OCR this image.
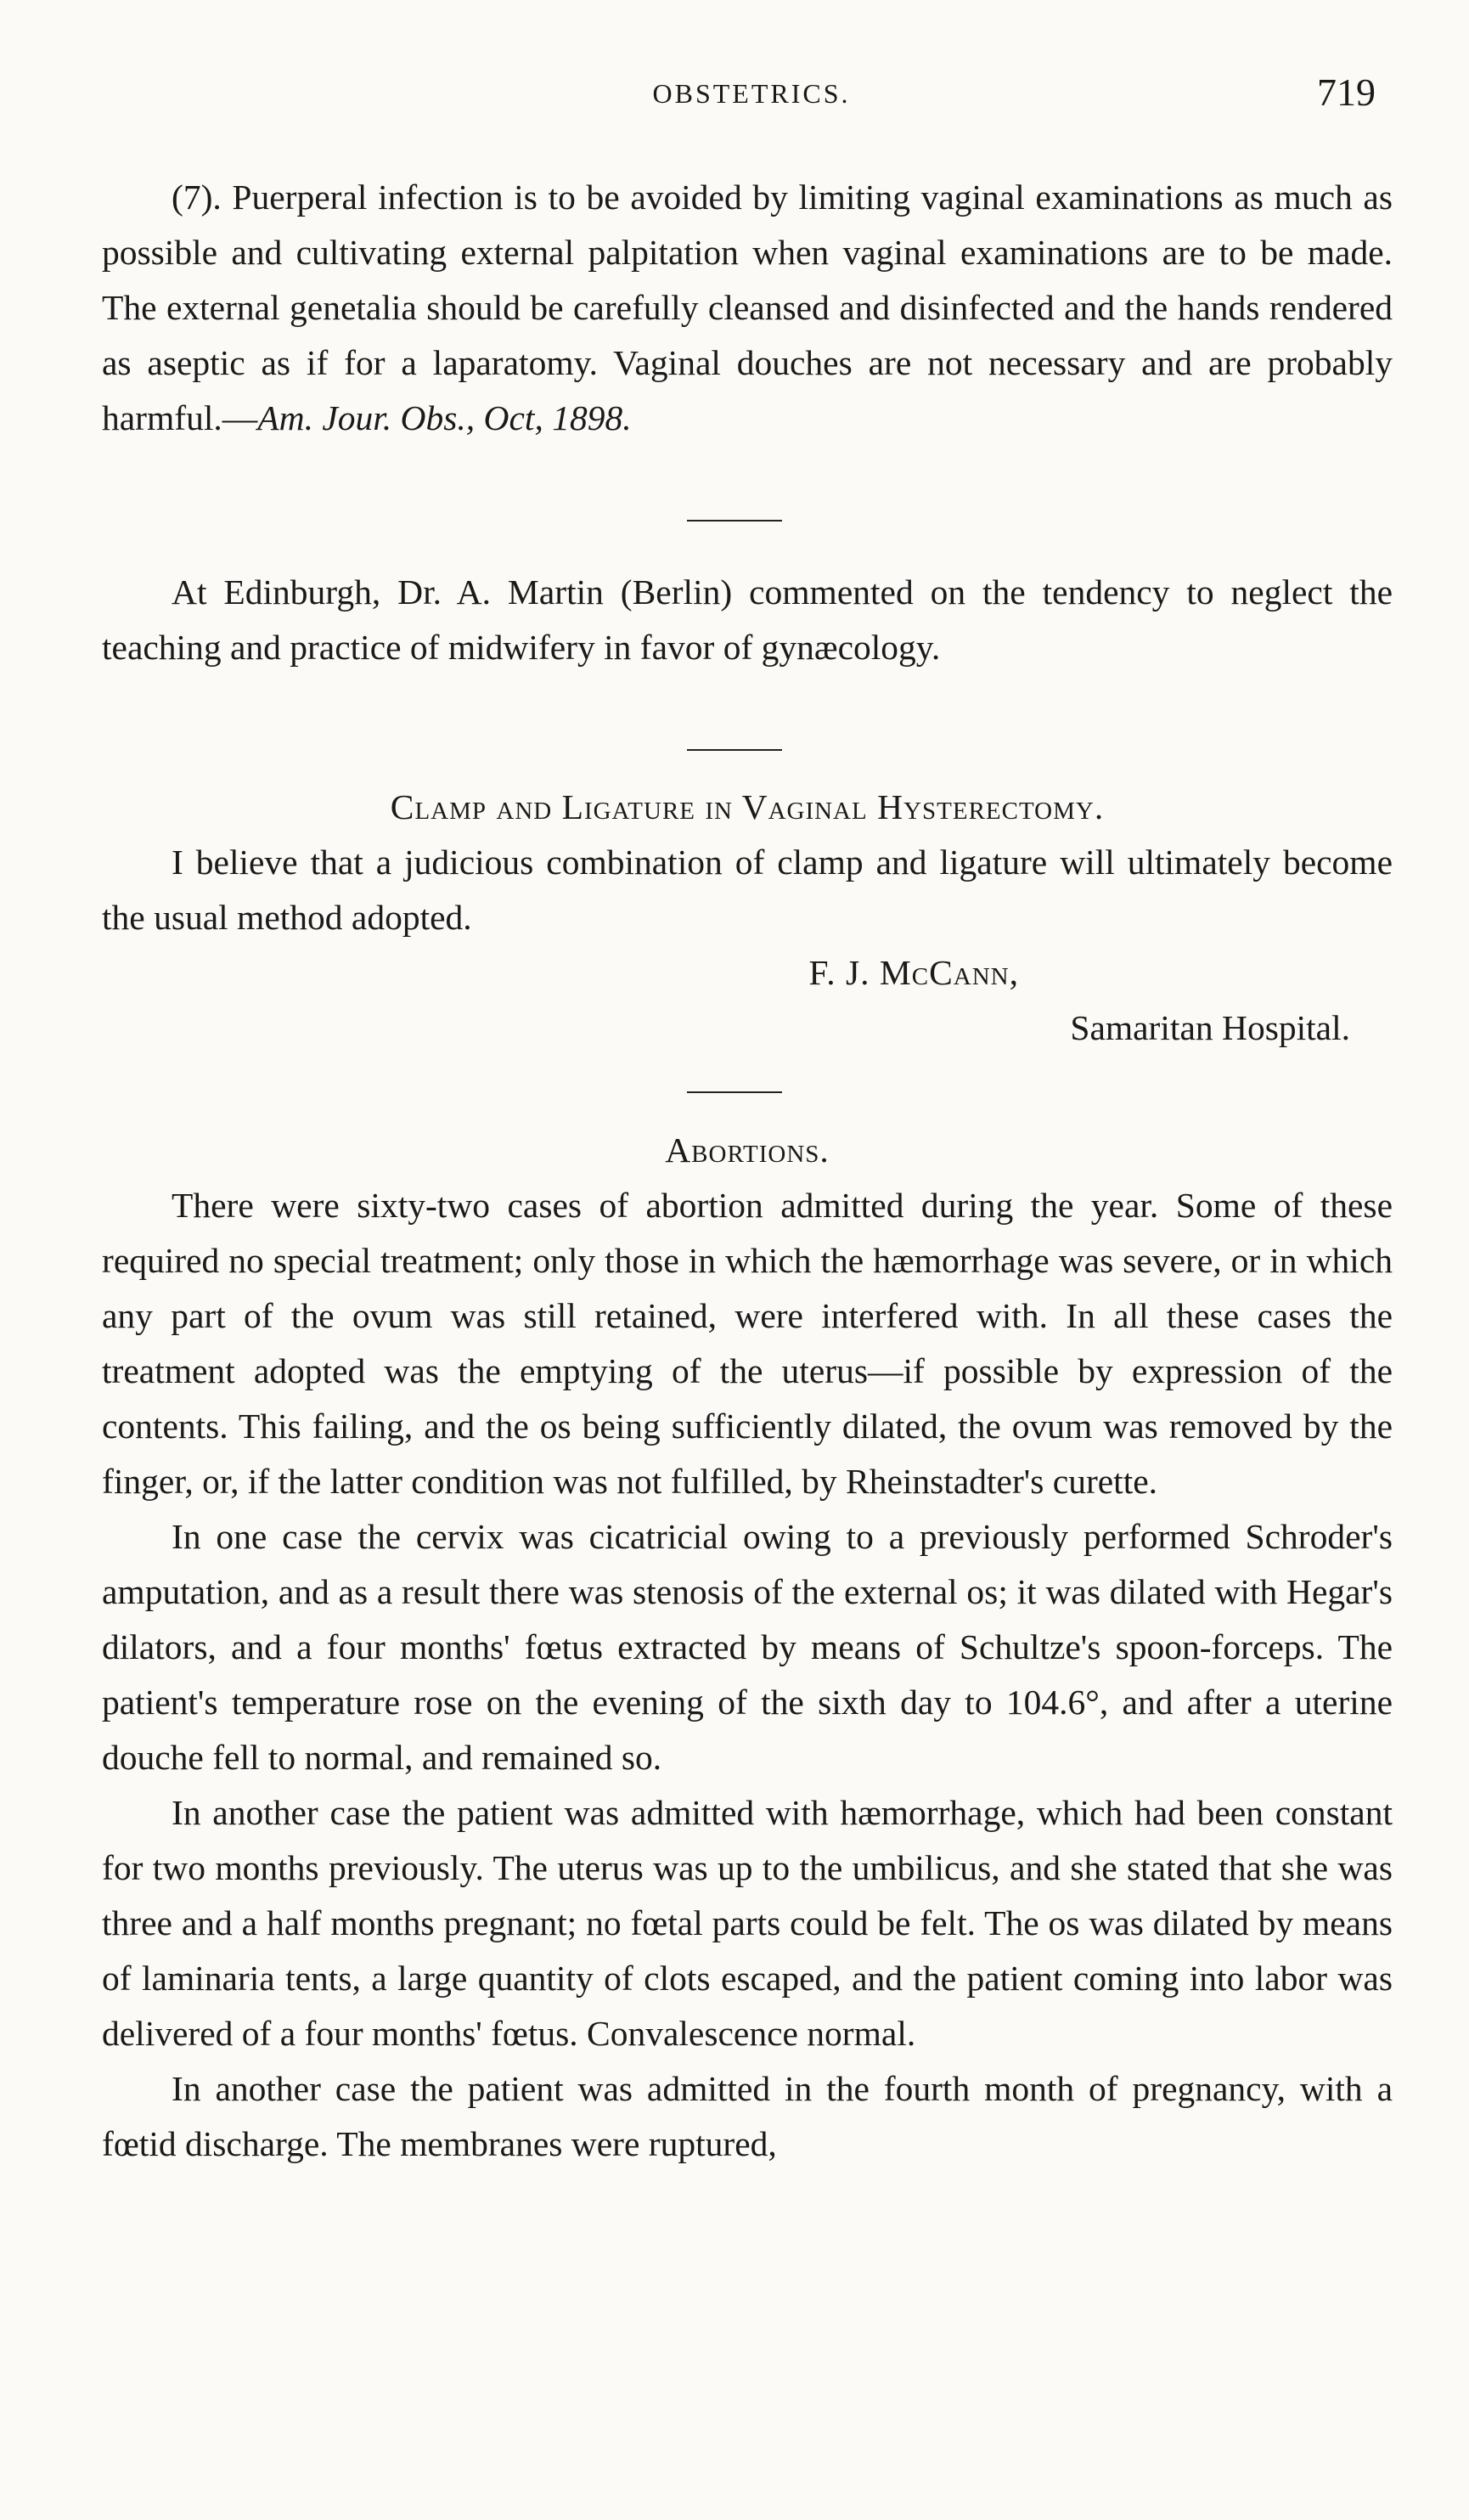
OBSTETRICS.	719

(7). Puerperal infection is to be avoided by limiting vaginal examinations as much as possible and cultivating external palpitation when vaginal examinations are to be made. The external genetalia should be carefully cleansed and disinfected and the hands rendered as aseptic as if for a laparatomy. Vaginal douches are not necessary and are probably harmful.—Am. Jour. Obs., Oct, 1898.

At Edinburgh, Dr. A. Martin (Berlin) commented on the tendency to neglect the teaching and practice of midwifery in favor of gynæcology.

Clamp and Ligature in Vaginal Hysterectomy.

I believe that a judicious combination of clamp and ligature will ultimately become the usual method adopted.

F. J. McCann,

Samaritan Hospital.

Abortions.

There were sixty-two cases of abortion admitted during the year. Some of these required no special treatment; only those in which the hæmorrhage was severe, or in which any part of the ovum was still retained, were interfered with. In all these cases the treatment adopted was the emptying of the uterus—if possible by expression of the contents. This failing, and the os being sufficiently dilated, the ovum was removed by the finger, or, if the latter condition was not fulfilled, by Rheinstadter's curette.

In one case the cervix was cicatricial owing to a previously performed Schroder's amputation, and as a result there was stenosis of the external os; it was dilated with Hegar's dilators, and a four months' fœtus extracted by means of Schultze's spoon-forceps. The patient's temperature rose on the evening of the sixth day to 104.6°, and after a uterine douche fell to normal, and remained so.

In another case the patient was admitted with hæmorrhage, which had been constant for two months previously. The uterus was up to the umbilicus, and she stated that she was three and a half months pregnant; no fœtal parts could be felt. The os was dilated by means of laminaria tents, a large quantity of clots escaped, and the patient coming into labor was delivered of a four months' fœtus. Convalescence normal.

In another case the patient was admitted in the fourth month of pregnancy, with a fœtid discharge. The membranes were ruptured,
